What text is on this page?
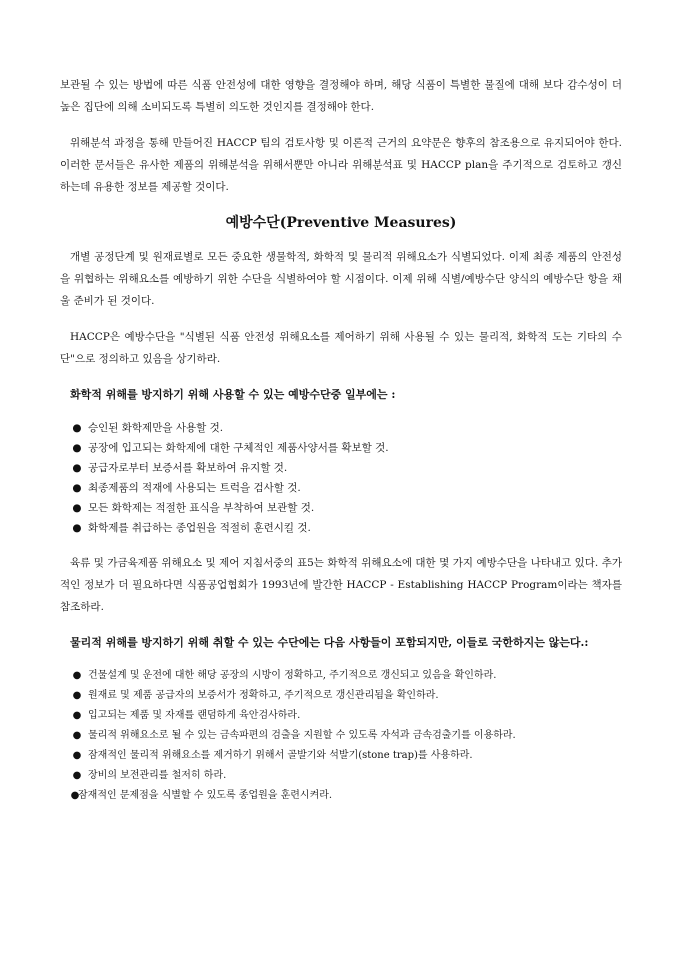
보관될 수 있는 방법에 따른 식품 안전성에 대한 영향을 결정해야 하며, 해당 식품이 특별한 물질에 대해 보다 감수성이 더 높은 집단에 의해 소비되도록 특별히 의도한 것인지를 결정해야 한다.

위해분석 과정을 통해 만들어진 HACCP 팀의 검토사항 및 이론적 근거의 요약문은 향후의 참조용으로 유지되어야 한다. 이러한 문서들은 유사한 제품의 위해분석을 위해서뿐만 아니라 위해분석표 및 HACCP plan을 주기적으로 검토하고 갱신하는데 유용한 정보를 제공할 것이다.

예방수단(Preventive Measures)

개별 공정단계 및 원재료별로 모든 중요한 생물학적, 화학적 및 물리적 위해요소가 식별되었다. 이제 최종 제품의 안전성을 위협하는 위해요소를 예방하기 위한 수단을 식별하여야 할 시점이다. 이제 위해 식별/예방수단 양식의 예방수단 항을 채울 준비가 된 것이다.

HACCP은 예방수단을 "식별된 식품 안전성 위해요소를 제어하기 위해 사용될 수 있는 물리적, 화학적 도는 기타의 수단"으로 정의하고 있음을 상기하라.

화학적 위해를 방지하기 위해 사용할 수 있는 예방수단중 일부에는 :

● 승인된 화학제만을 사용할 것.
● 공장에 입고되는 화학제에 대한 구체적인 제품사양서를 확보할 것.
● 공급자로부터 보증서를 확보하여 유지할 것.
● 최종제품의 적재에 사용되는 트럭을 검사할 것.
● 모든 화학제는 적절한 표식을 부착하여 보관할 것.
● 화학제를 취급하는 종업원을 적절히 훈련시킬 것.

육류 및 가금육제품 위해요소 및 제어 지침서중의 표5는 화학적 위해요소에 대한 몇 가지 예방수단을 나타내고 있다. 추가적인 정보가 더 필요하다면 식품공업협회가 1993년에 발간한 HACCP - Establishing HACCP Program이라는 책자를 참조하라.

물리적 위해를 방지하기 위해 취할 수 있는 수단에는 다음 사항들이 포함되지만, 이들로 국한하지는 않는다.:

● 건물설계 및 운전에 대한 해당 공장의 시방이 정확하고, 주기적으로 갱신되고 있음을 확인하라.
● 원재료 및 제품 공급자의 보증서가 정확하고, 주기적으로 갱신관리됨을 확인하라.
● 입고되는 제품 및 자재를 랜덤하게 육안검사하라.
● 물리적 위해요소로 될 수 있는 금속파편의 검출을 지원할 수 있도록 자석과 금속검출기를 이용하라.
● 잠재적인 물리적 위해요소를 제거하기 위해서 골발기와 석발기(stone trap)를 사용하라.
● 장비의 보전관리를 철저히 하라.
●
잠재적인 문제점을 식별할 수 있도록 종업원을 훈련시켜라.
